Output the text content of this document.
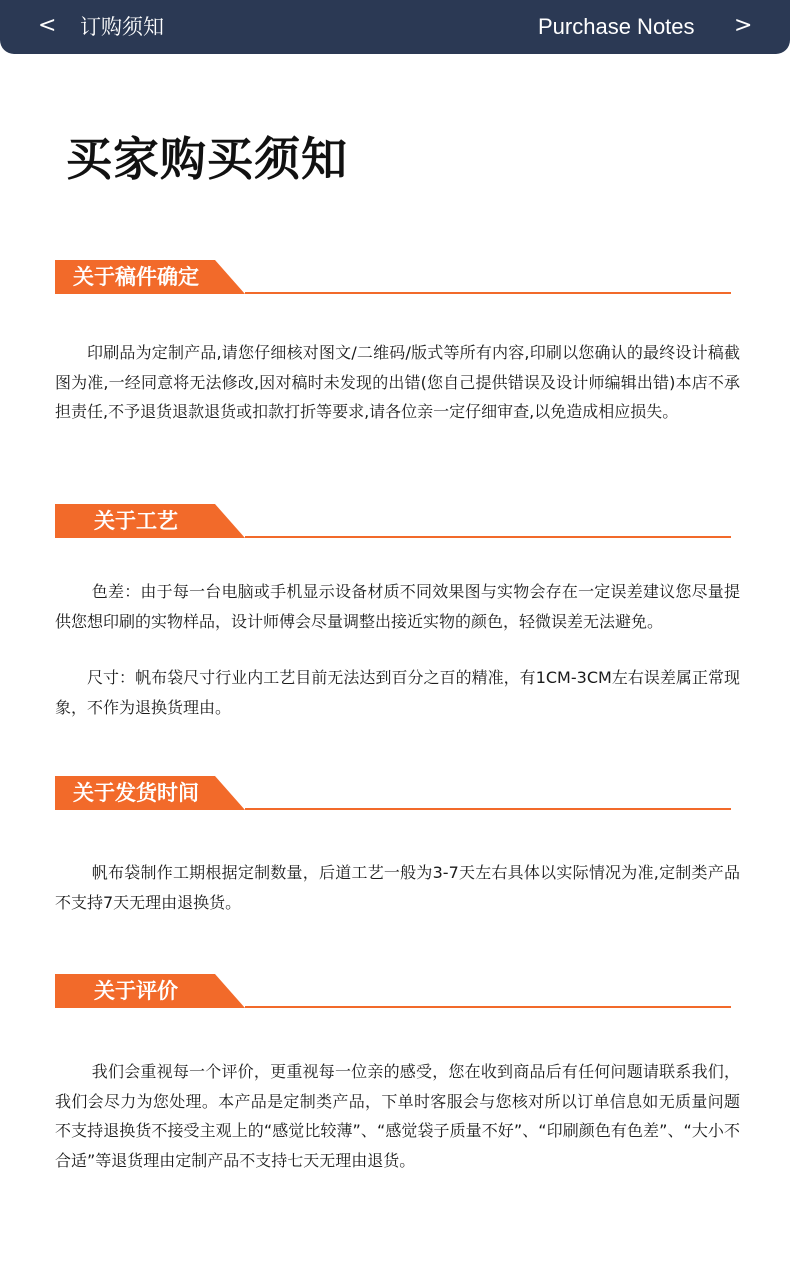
< 订购须知	Purchase Notes >
买家购买须知
关于稿件确定

印刷品为定制产品,请您仔细核对图文/二维码/版式等所有内容,印刷以您确认的最终设计稿截图为准,一经同意将无法修改,因对稿时未发现的出错(您自己提供错误及设计师编辑出错)本店不承担责任,不予退货退款退货或扣款打折等要求,请各位亲一定仔细审查,以免造成相应损失。

关于工艺

色差：由于每一台电脑或手机显示设备材质不同效果图与实物会存在一定误差建议您尽量提供您想印刷的实物样品，设计师傅会尽量调整出接近实物的颜色，轻微误差无法避免。

尺寸：帆布袋尺寸行业内工艺目前无法达到百分之百的精准，有1CM-3CM左右误差属正常现象，不作为退换货理由。

关于发货时间

帆布袋制作工期根据定制数量，后道工艺一般为3-7天左右具体以实际情况为准,定制类产品不支持7天无理由退换货。

关于评价

我们会重视每一个评价，更重视每一位亲的感受，您在收到商品后有任何问题请联系我们，我们会尽力为您处理。本产品是定制类产品，下单时客服会与您核对所以订单信息如无质量问题不支持退换货不接受主观上的“感觉比较薄”、“感觉袋子质量不好”、“印刷颜色有色差”、“大小不合适”等退货理由定制产品不支持七天无理由退货。
